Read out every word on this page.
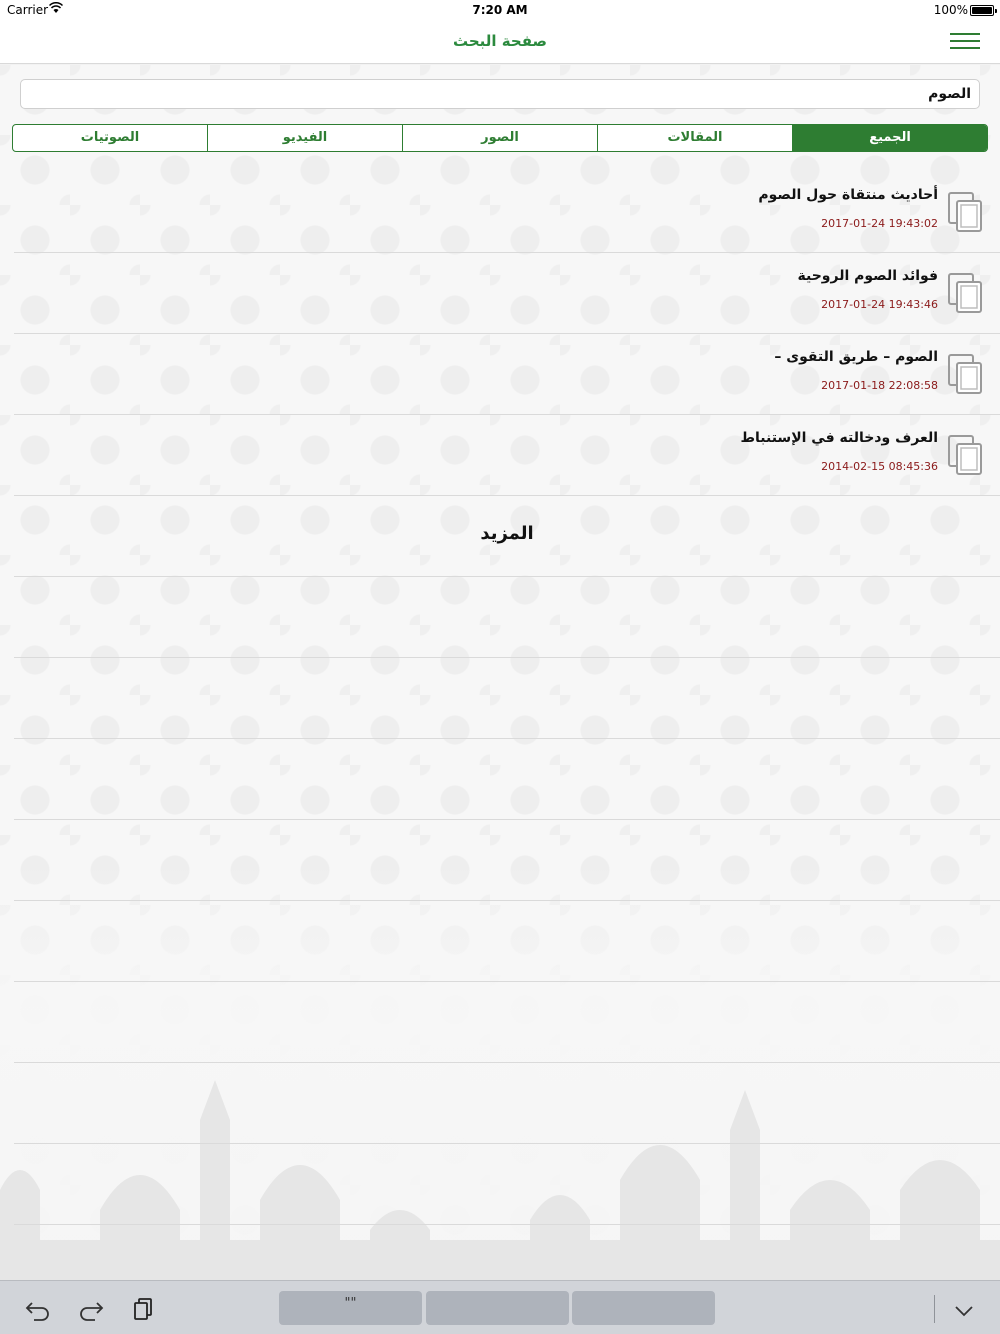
Carrier	7:20 AM	100%
صفحة البحث
الصوم
الجميع
المقالات
الصور
الفيديو
الصوتيات
أحاديث منتقاة حول الصوم
2017-01-24 19:43:02
فوائد الصوم الروحية
2017-01-24 19:43:46
الصوم – طريق التقوى –
2017-01-18 22:08:58
العرف ودخالته في الإستنباط
2014-02-15 08:45:36
المزيد
""
